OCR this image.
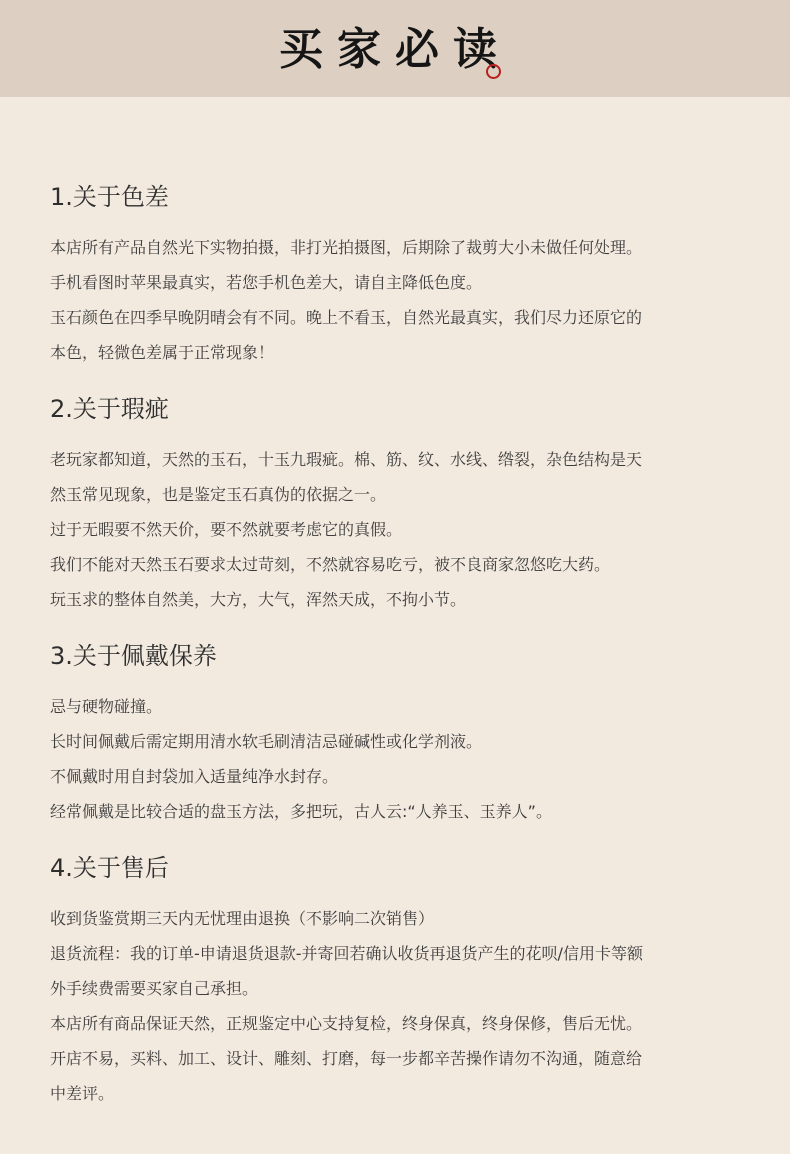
买家必读
1.关于色差

本店所有产品自然光下实物拍摄，非打光拍摄图，后期除了裁剪大小未做任何处理。

手机看图时苹果最真实，若您手机色差大，请自主降低色度。

玉石颜色在四季早晚阴晴会有不同。晚上不看玉，自然光最真实，我们尽力还原它的

本色，轻微色差属于正常现象！

2.关于瑕疵

老玩家都知道，天然的玉石，十玉九瑕疵。棉、筋、纹、水线、绺裂，杂色结构是天

然玉常见现象，也是鉴定玉石真伪的依据之一。

过于无暇要不然天价，要不然就要考虑它的真假。

我们不能对天然玉石要求太过苛刻，不然就容易吃亏，被不良商家忽悠吃大药。

玩玉求的整体自然美，大方，大气，浑然天成，不拘小节。

3.关于佩戴保养

忌与硬物碰撞。

长时间佩戴后需定期用清水软毛刷清洁忌碰碱性或化学剂液。

不佩戴时用自封袋加入适量纯净水封存。

经常佩戴是比较合适的盘玉方法，多把玩，古人云:“人养玉、玉养人”。

4.关于售后

收到货鉴赏期三天内无忧理由退换（不影响二次销售）

退货流程：我的订单-申请退货退款-并寄回若确认收货再退货产生的花呗/信用卡等额

外手续费需要买家自己承担。

本店所有商品保证天然，正规鉴定中心支持复检，终身保真，终身保修，售后无忧。

开店不易，买料、加工、设计、雕刻、打磨，每一步都辛苦操作请勿不沟通，随意给

中差评。
